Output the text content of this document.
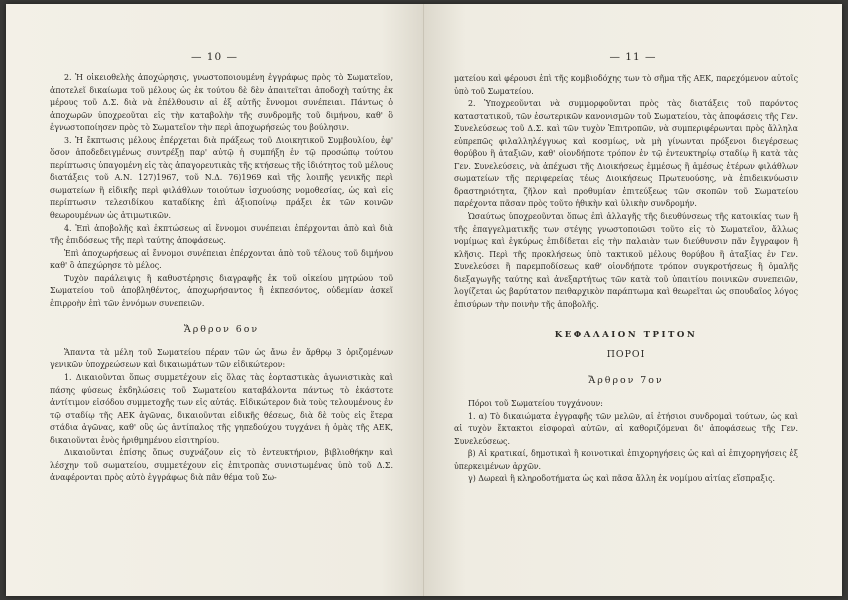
— 10 —

2. Ἡ οἰκειοθελὴς ἀποχώρησις, γνωστοποιουμένη ἐγγράφως πρὸς τὸ Σωματεῖον, ἀποτελεῖ δικαίωμα τοῦ μέλους ὡς ἐκ τούτου δὲ δὲν ἀπαιτεῖται ἀποδοχὴ ταύτης ἐκ μέρους τοῦ Δ.Σ. διὰ νὰ ἐπέλθουσιν αἱ ἐξ αὐτῆς ἔννομοι συνέπειαι. Πάντως ὁ ἀποχωρῶν ὑποχρεοῦται εἰς τὴν καταβολὴν τῆς συνδρομῆς τοῦ διμήνου, καθ' ὃ ἐγνωστοποίησεν πρὸς τὸ Σωματεῖον τὴν περὶ ἀποχωρήσεώς του βούλησιν.

3. Ἡ ἔκπτωσις μέλους ἐπέρχεται διὰ πράξεως τοῦ Διοικητικοῦ Συμβουλίου, ἐφ' ὅσον ἀποδεδειγμένως συντρέξῃ παρ' αὐτῷ ἡ συμπήξη ἐν τῷ προσώπῳ τούτου περίπτωσις ὑπαγομένη εἰς τὰς ἀπαγορευτικὰς τῆς κτήσεως τῆς ἰδιότητος τοῦ μέλους διατάξεις τοῦ Α.Ν. 127)1967, τοῦ Ν.Δ. 76)1969 καὶ τῆς λοιπῆς γενικῆς περὶ σωματείων ἢ εἰδικῆς περὶ φιλάθλων τοιούτων ἰσχυούσης νομοθεσίας, ὡς καὶ εἰς περίπτωσιν τελεσιδίκου καταδίκης ἐπὶ ἀξιοποίνῳ πράξει ἐκ τῶν κοινῶν θεωρουμένων ὡς ἀτιμωτικῶν.

4. Ἐπὶ ἀποβολῆς καὶ ἐκπτώσεως αἱ ἔννομοι συνέπειαι ἐπέρχονται ἀπὸ καὶ διὰ τῆς ἐπιδόσεως τῆς περὶ ταύτης ἀποφάσεως.

Ἐπὶ ἀποχωρήσεως αἱ ἔννομοι συνέπειαι ἐπέρχονται ἀπὸ τοῦ τέλους τοῦ διμήνου καθ' ὃ ἀπεχώρησε τὸ μέλος.

Τυχὸν παράλειψις ἢ καθυστέρησις διαγραφῆς ἐκ τοῦ οἰκείου μητρώου τοῦ Σωματείου τοῦ ἀποβληθέντος, ἀποχωρήσαντος ἢ ἐκπεσόντος, οὐδεμίαν ἀσκεῖ ἐπιρροὴν ἐπὶ τῶν ἐννόμων συνεπειῶν.

Ἄρθρον 6ον

Ἅπαντα τὰ μέλη τοῦ Σωματείου πέραν τῶν ὡς ἄνω ἐν ἄρθρῳ 3 ὁριζομένων γενικῶν ὑποχρεώσεων καὶ δικαιωμάτων τῶν εἰδικώτερον:

1. Δικαιοῦνται ὅπως συμμετέχουν εἰς ὅλας τὰς ἑορταστικὰς ἀγωνιστικὰς καὶ πάσης φύσεως ἐκδηλώσεις τοῦ Σωματείου καταβάλοντα πάντως τὸ ἑκάστοτε ἀντίτιμον εἰσόδου συμμετοχῆς των εἰς αὐτάς. Εἰδικώτερον διὰ τοὺς τελουμένους ἐν τῷ σταδίῳ τῆς ΑΕΚ ἀγῶνας, δικαιοῦνται εἰδικῆς θέσεως, διὰ δὲ τοὺς εἰς ἕτερα στάδια ἀγῶνας, καθ' οὓς ὡς ἀντίπαλος τῆς γηπεδούχου τυγχάνει ἡ ὁμὰς τῆς ΑΕΚ, δικαιοῦνται ἑνὸς ἠριθμημένου εἰσιτηρίου.

Δικαιοῦνται ἐπίσης ὅπως συχνάζουν εἰς τὸ ἐντευκτήριον, βιβλιοθήκην καὶ λέσχην τοῦ σωματείου, συμμετέχουν εἰς ἐπιτροπὰς συνιστωμένας ὑπὸ τοῦ Δ.Σ. ἀναφέρονται πρὸς αὐτὸ ἐγγράφως διὰ πᾶν θέμα τοῦ Σω-

— 11 —

ματείου καὶ φέρουσι ἐπὶ τῆς κομβιοδόχης των τὸ σῆμα τῆς ΑΕΚ, παρεχόμενον αὐτοῖς ὑπὸ τοῦ Σωματείου.

2. Ὑποχρεοῦνται νὰ συμμορφοῦνται πρὸς τὰς διατάξεις τοῦ παρόντος καταστατικοῦ, τῶν ἐσωτερικῶν κανονισμῶν τοῦ Σωματείου, τὰς ἀποφάσεις τῆς Γεν. Συνελεύσεως τοῦ Δ.Σ. καὶ τῶν τυχὸν Ἐπιτροπῶν, νὰ συμπεριφέρωνται πρὸς ἄλληλα εὐπρεπῶς φιλαλληλέγγυως καὶ κοσμίως, νὰ μὴ γίνωνται πρόξενοι διεγέρσεως θορύβου ἢ ἀταξιῶν, καθ' οἱονδήποτε τρόπον ἐν τῷ ἐντευκτηρίῳ σταδίῳ ἢ κατὰ τὰς Γεν. Συνελεύσεις, νὰ ἀπέχωσι τῆς Διοικήσεως ἐμμέσως ἢ ἀμέσως ἑτέρων φιλάθλων σωματείων τῆς περιφερείας τέως Διοικήσεως Πρωτευούσης, νὰ ἐπιδεικνύωσιν δραστηριότητα, ζῆλον καὶ προθυμίαν ἐπιτεύξεως τῶν σκοπῶν τοῦ Σωματείου παρέχοντα πᾶσαν πρὸς τοῦτο ἠθικὴν καὶ ὑλικὴν συνδρομήν.

Ὡσαύτως ὑποχρεοῦνται ὅπως ἐπὶ ἀλλαγῆς τῆς διευθύνσεως τῆς κατοικίας των ἢ τῆς ἐπαγγελματικῆς των στέγης γνωστοποιῶσι τοῦτο εἰς τὸ Σωματεῖον, ἄλλως νομίμως καὶ ἐγκύρως ἐπιδίδεται εἰς τὴν παλαιὰν των διεύθυνσιν πᾶν ἔγγραφον ἢ κλῆσις. Περὶ τῆς προκλήσεως ὑπὸ τακτικοῦ μέλους θορύβου ἢ ἀταξίας ἐν Γεν. Συνελεύσει ἢ παρεμποδίσεως καθ' οἱονδήποτε τρόπον συγκροτήσεως ἢ ὁμαλῆς διεξαγωγῆς ταύτης καὶ ἀνεξαρτήτως τῶν κατὰ τοῦ ὑπαιτίου ποινικῶν συνεπειῶν, λογίζεται ὡς βαρύτατον πειθαρχικὸν παράπτωμα καὶ θεωρεῖται ὡς σπουδαῖος λόγος ἐπισύρων τὴν ποινὴν τῆς ἀποβολῆς.

ΚΕΦΑΛΑΙΟΝ ΤΡΙΤΟΝ
ΠΟΡΟΙ
Ἄρθρον 7ον

Πόροι τοῦ Σωματείου τυγχάνουν:

1. α) Τὸ δικαιώματα ἐγγραφῆς τῶν μελῶν, αἱ ἐτήσιοι συνδρομαὶ τούτων, ὡς καὶ αἱ τυχὸν ἔκτακτοι εἰσφοραὶ αὐτῶν, αἱ καθοριζόμεναι δι' ἀποφάσεως τῆς Γεν. Συνελεύσεως.

β) Αἱ κρατικαί, δημοτικαὶ ἢ κοινοτικαὶ ἐπιχορηγήσεις ὡς καὶ αἱ ἐπιχορηγήσεις ἐξ ὑπερκειμένων ἀρχῶν.

γ) Δωρεαὶ ἢ κληροδοτήματα ὡς καὶ πᾶσα ἄλλη ἐκ νομίμου αἰτίας εἴσπραξις.
